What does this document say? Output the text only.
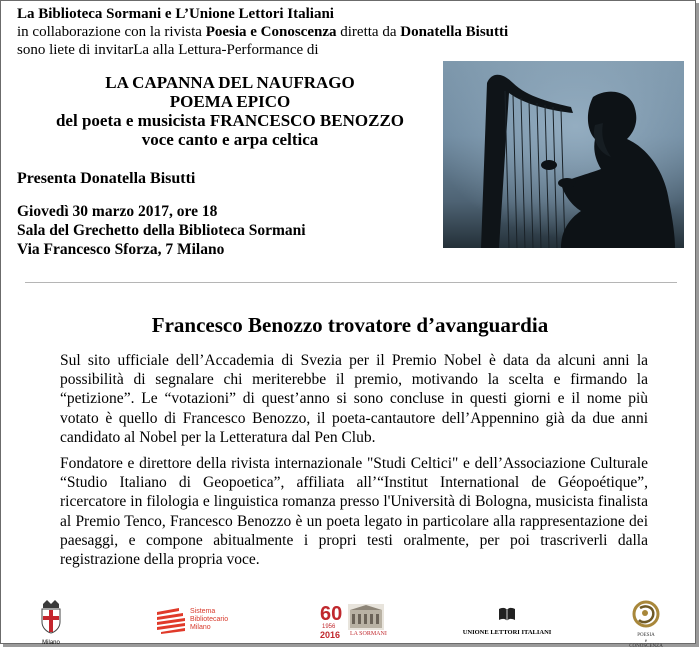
La Biblioteca Sormani e L’Unione Lettori Italiani
in collaborazione con la rivista Poesia e Conoscenza diretta da Donatella Bisutti
sono liete di invitarLa alla Lettura-Performance di
LA CAPANNA DEL NAUFRAGO
POEMA EPICO
del poeta e musicista FRANCESCO BENOZZO
voce canto e arpa celtica
Presenta Donatella Bisutti
Giovedì 30 marzo 2017, ore 18
Sala del Grechetto della Biblioteca Sormani
Via Francesco Sforza, 7 Milano
Francesco Benozzo trovatore d’avanguardia
Sul sito ufficiale dell’Accademia di Svezia per il Premio Nobel è data da alcuni anni la possibilità di segnalare chi meriterebbe il premio, motivando la scelta e firmando la “petizione”. Le “votazioni” di quest’anno si sono concluse in questi giorni e il nome più votato è quello di Francesco Benozzo, il poeta-cantautore dell’Appennino già da due anni candidato al Nobel per la Letteratura dal Pen Club.
Fondatore e direttore della rivista internazionale "Studi Celtici" e dell’Associazione Culturale “Studio Italiano di Geopoetica”, affiliata all’“Institut International de Géopoétique”, ricercatore in filologia e linguistica romanza presso l'Università di Bologna, musicista finalista al Premio Tenco, Francesco Benozzo è un poeta legato in particolare alla rappresentazione dei paesaggi, e compone abitualmente i propri testi oralmente, per poi trascriverli dalla registrazione della propria voce.
Milano
Sistema
Bibliotecario
Milano
60
1956
2016 LA SORMANI	UNIONE LETTORI ITALIANI	POESIA
e
CONOSCENZA
